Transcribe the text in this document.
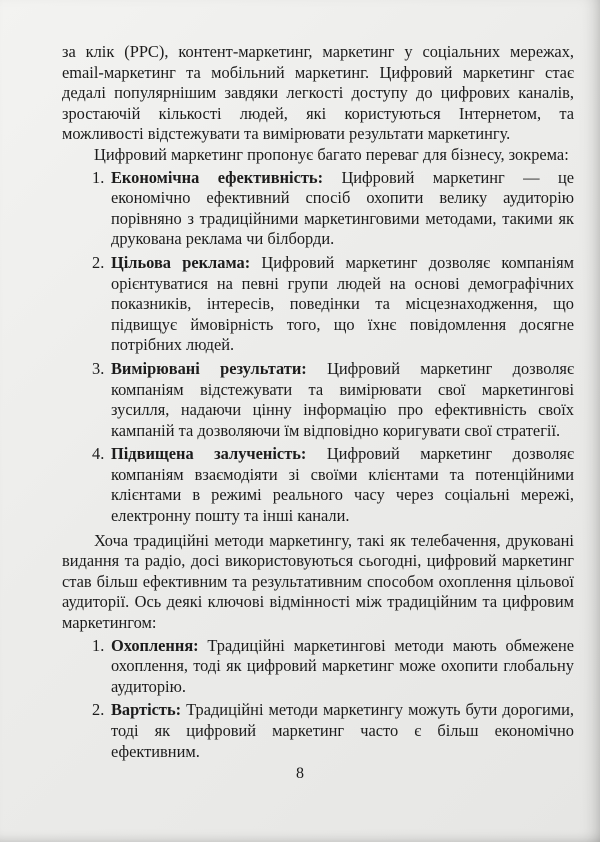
за клік (PPC), контент-маркетинг, маркетинг у соціальних мережах, email-маркетинг та мобільний маркетинг. Цифровий маркетинг стає дедалі популярнішим завдяки легкості доступу до цифрових каналів, зростаючій кількості людей, які користуються Інтернетом, та можливості відстежувати та вимірювати результати маркетингу.

Цифровий маркетинг пропонує багато переваг для бізнесу, зокрема:

1. Економічна ефективність: Цифровий маркетинг — це економічно ефективний спосіб охопити велику аудиторію порівняно з традиційними маркетинговими методами, такими як друкована реклама чи білборди.
2. Цільова реклама: Цифровий маркетинг дозволяє компаніям орієнтуватися на певні групи людей на основі демографічних показників, інтересів, поведінки та місцезнаходження, що підвищує ймовірність того, що їхнє повідомлення досягне потрібних людей.
3. Вимірювані результати: Цифровий маркетинг дозволяє компаніям відстежувати та вимірювати свої маркетингові зусилля, надаючи цінну інформацію про ефективність своїх кампаній та дозволяючи їм відповідно коригувати свої стратегії.
4. Підвищена залученість: Цифровий маркетинг дозволяє компаніям взаємодіяти зі своїми клієнтами та потенційними клієнтами в режимі реального часу через соціальні мережі, електронну пошту та інші канали.

Хоча традиційні методи маркетингу, такі як телебачення, друковані видання та радіо, досі використовуються сьогодні, цифровий маркетинг став більш ефективним та результативним способом охоплення цільової аудиторії. Ось деякі ключові відмінності між традиційним та цифровим маркетингом:

1. Охоплення: Традиційні маркетингові методи мають обмежене охоплення, тоді як цифровий маркетинг може охопити глобальну аудиторію.
2. Вартість: Традиційні методи маркетингу можуть бути дорогими, тоді як цифровий маркетинг часто є більш економічно ефективним.
8
